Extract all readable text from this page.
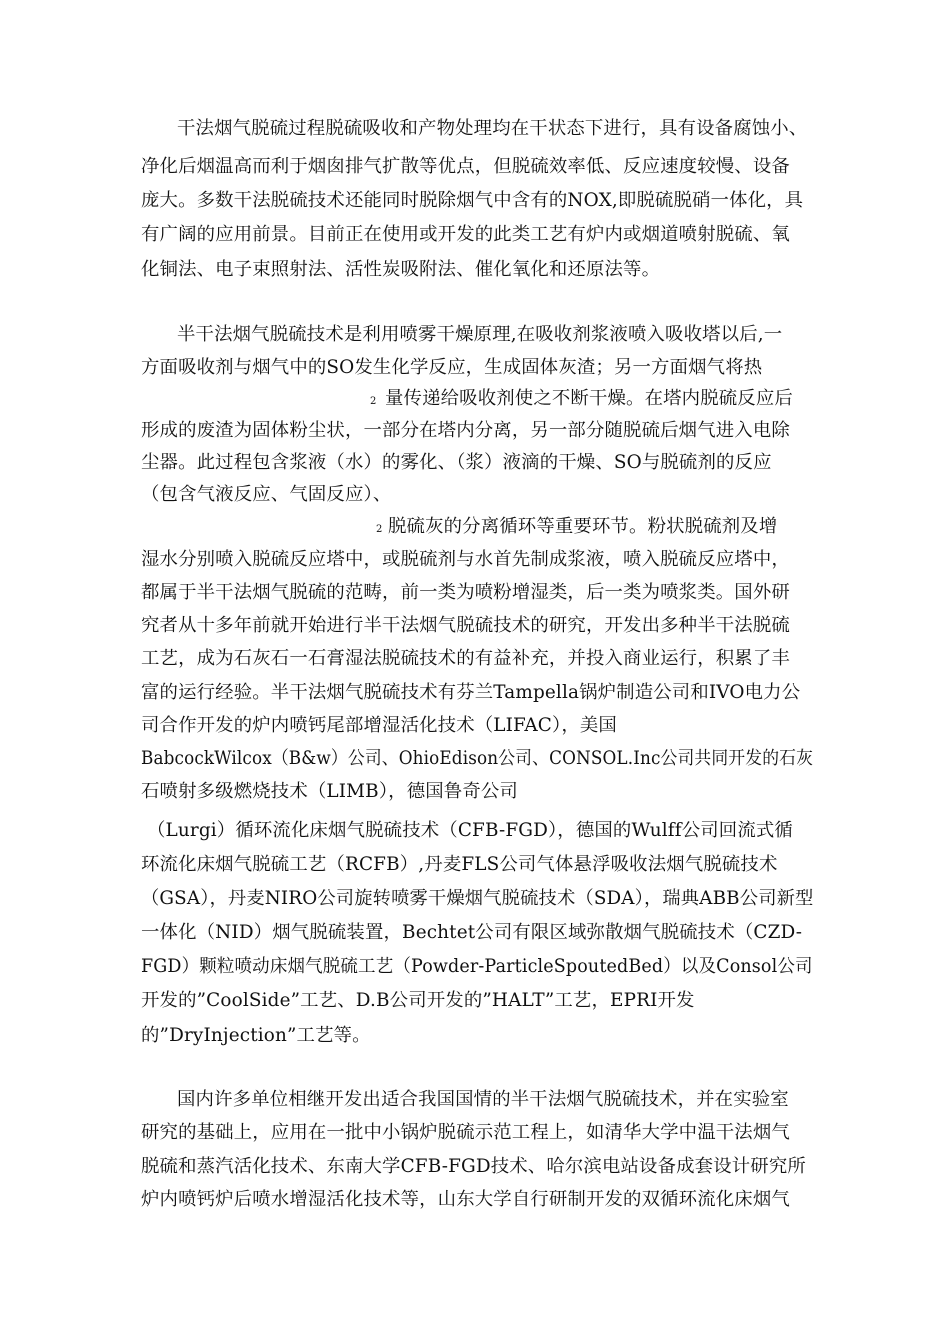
干法烟气脱硫过程脱硫吸收和产物处理均在干状态下进行，具有设备腐蚀小、
净化后烟温高而利于烟囱排气扩散等优点，但脱硫效率低、反应速度较慢、设备
庞大。多数干法脱硫技术还能同时脱除烟气中含有的NOX,即脱硫脱硝一体化，具
有广阔的应用前景。目前正在使用或开发的此类工艺有炉内或烟道喷射脱硫、氧
化铜法、电子束照射法、活性炭吸附法、催化氧化和还原法等。
半干法烟气脱硫技术是利用喷雾干燥原理,在吸收剂浆液喷入吸收塔以后,一
方面吸收剂与烟气中的SO发生化学反应，生成固体灰渣；另一方面烟气将热
2 量传递给吸收剂使之不断干燥。在塔内脱硫反应后
形成的废渣为固体粉尘状，一部分在塔内分离，另一部分随脱硫后烟气进入电除
尘器。此过程包含浆液（水）的雾化、（浆）液滴的干燥、SO与脱硫剂的反应
（包含气液反应、气固反应）、
2 脱硫灰的分离循环等重要环节。粉状脱硫剂及增
湿水分别喷入脱硫反应塔中，或脱硫剂与水首先制成浆液，喷入脱硫反应塔中，
都属于半干法烟气脱硫的范畴，前一类为喷粉增湿类，后一类为喷浆类。国外研
究者从十多年前就开始进行半干法烟气脱硫技术的研究，开发出多种半干法脱硫
工艺，成为石灰石一石膏湿法脱硫技术的有益补充，并投入商业运行，积累了丰
富的运行经验。半干法烟气脱硫技术有芬兰Tampella锅炉制造公司和IVO电力公
司合作开发的炉内喷钙尾部增湿活化技术（LIFAC），美国
BabcockWilcox（B&w）公司、OhioEdison公司、CONSOL.Inc公司共同开发的石灰
石喷射多级燃烧技术（LIMB），德国鲁奇公司
（Lurgi）循环流化床烟气脱硫技术（CFB-FGD），德国的Wulff公司回流式循
环流化床烟气脱硫工艺（RCFB）,丹麦FLS公司气体悬浮吸收法烟气脱硫技术
（GSA），丹麦NIRO公司旋转喷雾干燥烟气脱硫技术（SDA），瑞典ABB公司新型
一体化（NID）烟气脱硫装置，Bechtet公司有限区域弥散烟气脱硫技术（CZD-
FGD）颗粒喷动床烟气脱硫工艺（Powder-ParticleSpoutedBed）以及Consol公司
开发的”CoolSide”工艺、D.B公司开发的”HALT”工艺，EPRI开发
的”DryInjection”工艺等。
国内许多单位相继开发出适合我国国情的半干法烟气脱硫技术，并在实验室
研究的基础上，应用在一批中小锅炉脱硫示范工程上，如清华大学中温干法烟气
脱硫和蒸汽活化技术、东南大学CFB-FGD技术、哈尔滨电站设备成套设计研究所
炉内喷钙炉后喷水增湿活化技术等，山东大学自行研制开发的双循环流化床烟气
